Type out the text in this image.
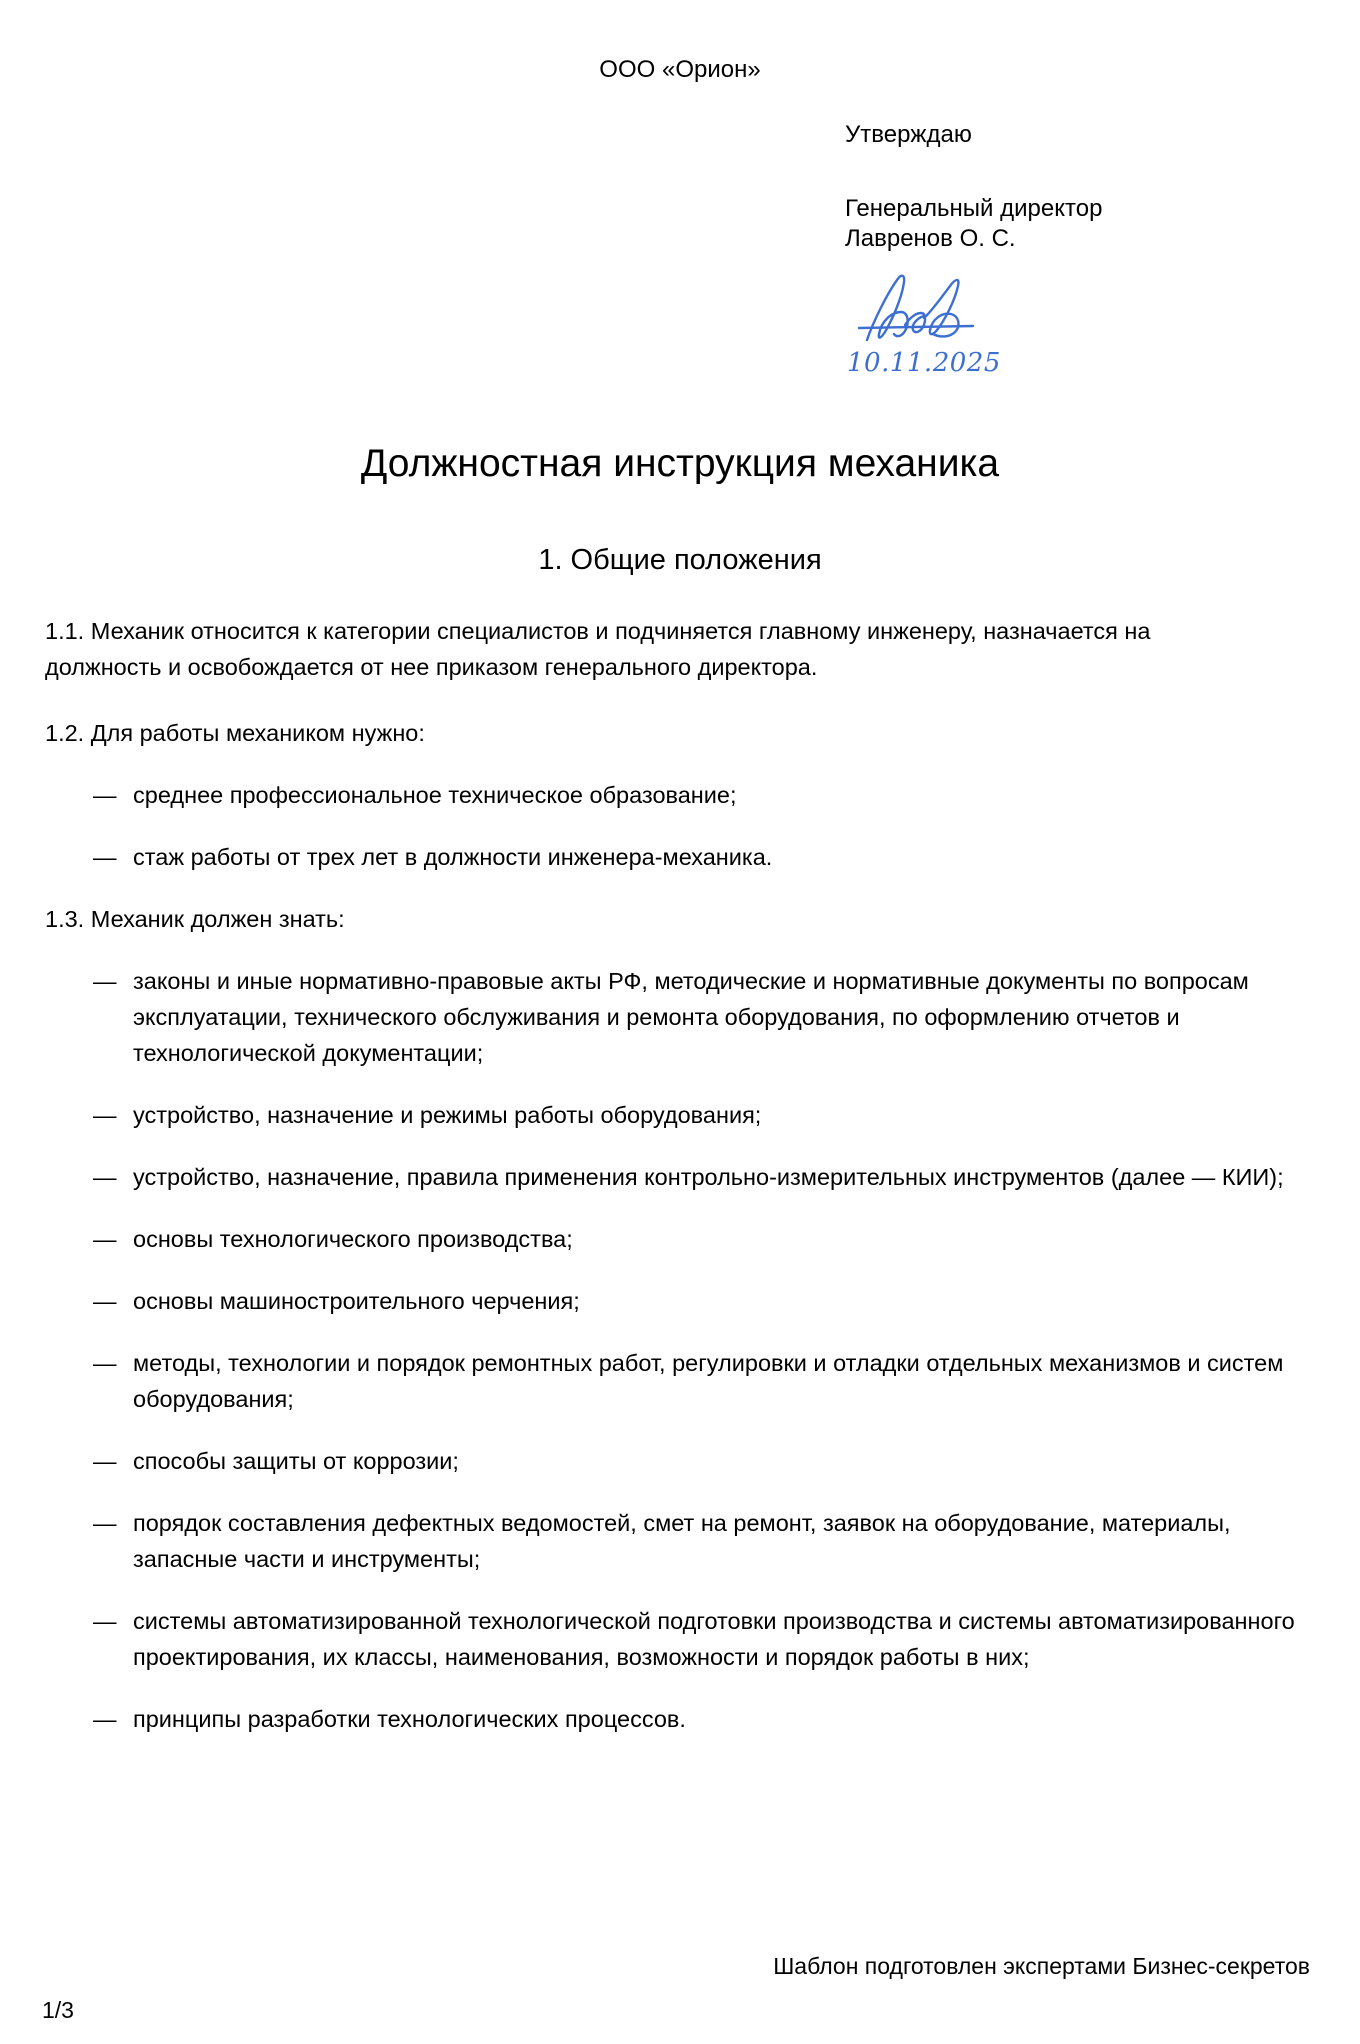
ООО «Орион»
Утверждаю
Генеральный директор
Лавренов О. С.
10.11.2025
Должностная инструкция механика
1. Общие положения

1.1. Механик относится к категории специалистов и подчиняется главному инженеру, назначается на должность и освобождается от нее приказом генерального директора.

1.2. Для работы механиком нужно:

— среднее профессиональное техническое образование;

— стаж работы от трех лет в должности инженера-механика.

1.3. Механик должен знать:

— законы и иные нормативно-правовые акты РФ, методические и нормативные документы по вопросам эксплуатации, технического обслуживания и ремонта оборудования, по оформлению отчетов и технологической документации;

— устройство, назначение и режимы работы оборудования;

— устройство, назначение, правила применения контрольно-измерительных инструментов (далее — КИИ);

— основы технологического производства;

— основы машиностроительного черчения;

— методы, технологии и порядок ремонтных работ, регулировки и отладки отдельных механизмов и систем оборудования;

— способы защиты от коррозии;

— порядок составления дефектных ведомостей, смет на ремонт, заявок на оборудование, материалы, запасные части и инструменты;

— системы автоматизированной технологической подготовки производства и системы автоматизированного проектирования, их классы, наименования, возможности и порядок работы в них;

— принципы разработки технологических процессов.

Шаблон подготовлен экспертами Бизнес-секретов
1/3
